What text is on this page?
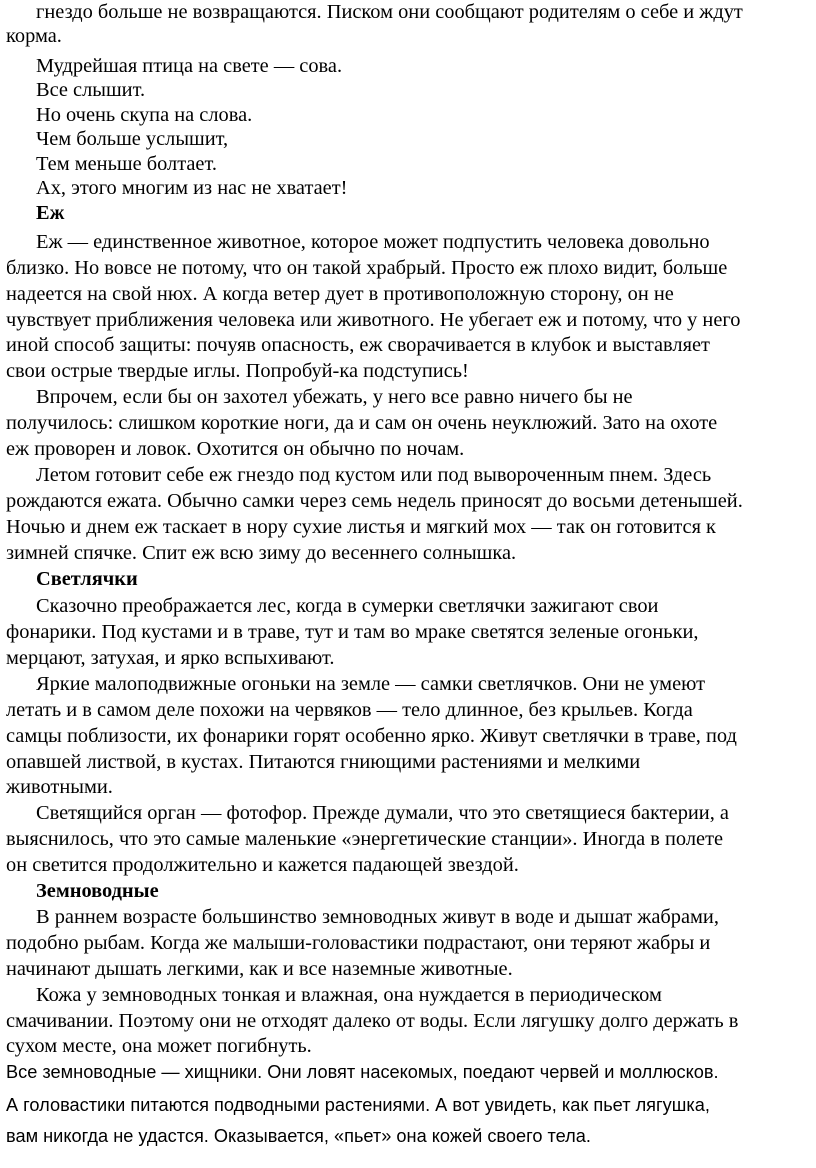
гнездо больше не возвращаются. Писком они сообщают родителям о себе и ждут

корма.

Мудрейшая птица на свете — сова.

Все слышит.

Но очень скупа на слова.

Чем больше услышит,

Тем меньше болтает.

Ах, этого многим из нас не хватает!

Еж

Еж — единственное животное, которое может подпустить человека довольно

близко. Но вовсе не потому, что он такой храбрый. Просто еж плохо видит, больше

надеется на свой нюх. А когда ветер дует в противоположную сторону, он не

чувствует приближения человека или животного. Не убегает еж и потому, что у него

иной способ защиты: почуяв опасность, еж сворачивается в клубок и выставляет

свои острые твердые иглы. Попробуй-ка подступись!

Впрочем, если бы он захотел убежать, у него все равно ничего бы не

получилось: слишком короткие ноги, да и сам он очень неуклюжий. Зато на охоте

еж проворен и ловок. Охотится он обычно по ночам.

Летом готовит себе еж гнездо под кустом или под вывороченным пнем. Здесь

рождаются ежата. Обычно самки через семь недель приносят до восьми детенышей.

Ночью и днем еж таскает в нору сухие листья и мягкий мох — так он готовится к

зимней спячке. Спит еж всю зиму до весеннего солнышка.

Светлячки

Сказочно преображается лес, когда в сумерки светлячки зажигают свои

фонарики. Под кустами и в траве, тут и там во мраке светятся зеленые огоньки,

мерцают, затухая, и ярко вспыхивают.

Яркие малоподвижные огоньки на земле — самки светлячков. Они не умеют

летать и в самом деле похожи на червяков — тело длинное, без крыльев. Когда

самцы поблизости, их фонарики горят особенно ярко. Живут светлячки в траве, под

опавшей листвой, в кустах. Питаются гниющими растениями и мелкими

животными.

Светящийся орган — фотофор. Прежде думали, что это светящиеся бактерии, а

выяснилось, что это самые маленькие «энергетические станции». Иногда в полете

он светится продолжительно и кажется падающей звездой.

Земноводные

В раннем возрасте большинство земноводных живут в воде и дышат жабрами,

подобно рыбам. Когда же малыши-головастики подрастают, они теряют жабры и

начинают дышать легкими, как и все наземные животные.

Кожа у земноводных тонкая и влажная, она нуждается в периодическом

смачивании. Поэтому они не отходят далеко от воды. Если лягушку долго держать в

сухом месте, она может погибнуть.

Все земноводные — хищники. Они ловят насекомых, поедают червей и моллюсков.

А головастики питаются подводными растениями. А вот увидеть, как пьет лягушка,

вам никогда не удастся. Оказывается, «пьет» она кожей своего тела.
